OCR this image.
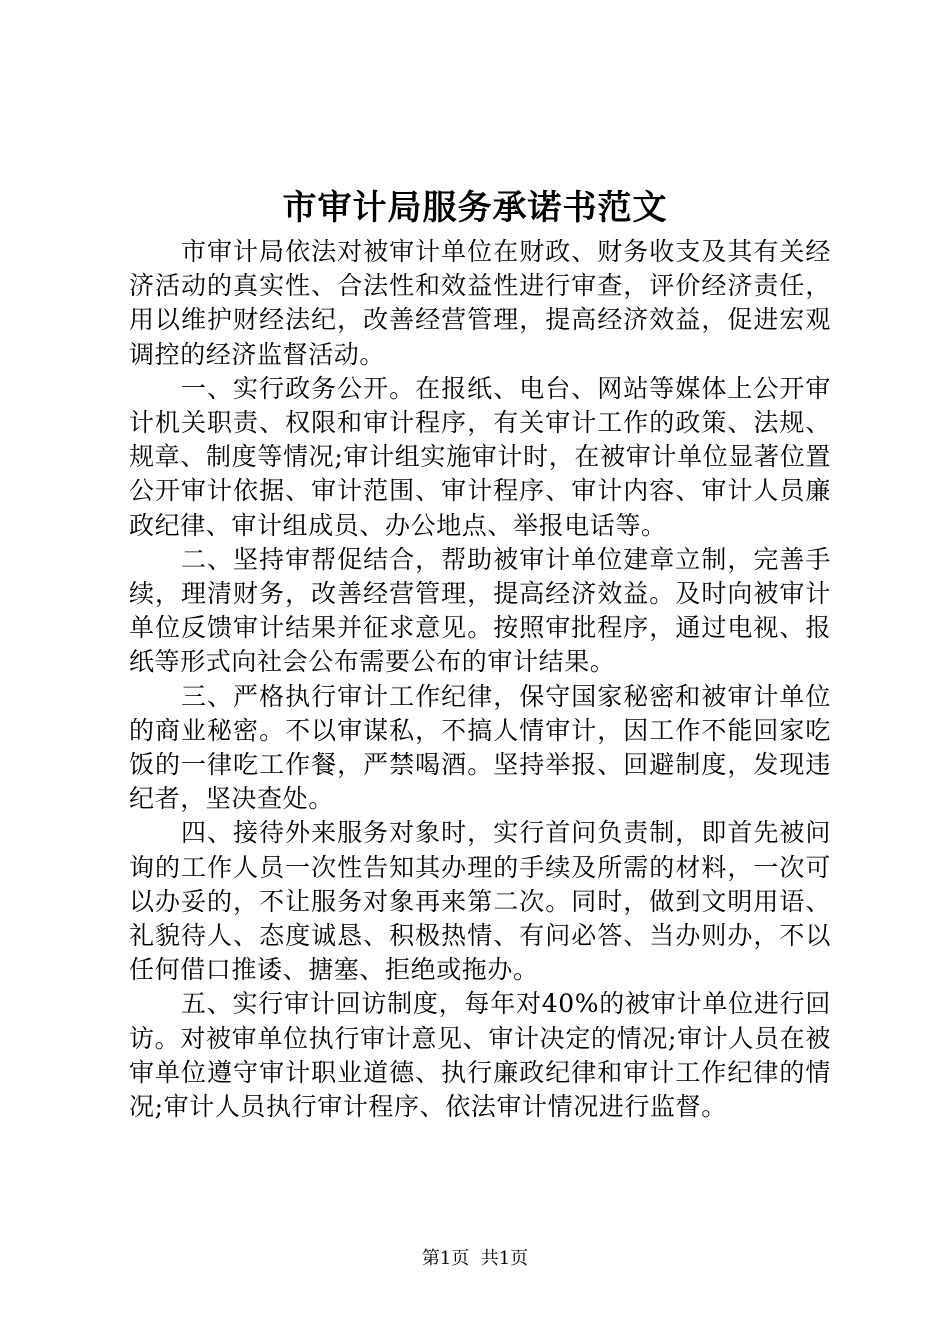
市审计局服务承诺书范文

市审计局依法对被审计单位在财政、财务收支及其有关经济活动的真实性、合法性和效益性进行审查，评价经济责任，用以维护财经法纪，改善经营管理，提高经济效益，促进宏观调控的经济监督活动。

一、实行政务公开。在报纸、电台、网站等媒体上公开审计机关职责、权限和审计程序，有关审计工作的政策、法规、规章、制度等情况;审计组实施审计时，在被审计单位显著位置公开审计依据、审计范围、审计程序、审计内容、审计人员廉政纪律、审计组成员、办公地点、举报电话等。

二、坚持审帮促结合，帮助被审计单位建章立制，完善手续，理清财务，改善经营管理，提高经济效益。及时向被审计单位反馈审计结果并征求意见。按照审批程序，通过电视、报纸等形式向社会公布需要公布的审计结果。

三、严格执行审计工作纪律，保守国家秘密和被审计单位的商业秘密。不以审谋私，不搞人情审计，因工作不能回家吃饭的一律吃工作餐，严禁喝酒。坚持举报、回避制度，发现违纪者，坚决查处。

四、接待外来服务对象时，实行首问负责制，即首先被问询的工作人员一次性告知其办理的手续及所需的材料，一次可以办妥的，不让服务对象再来第二次。同时，做到文明用语、礼貌待人、态度诚恳、积极热情、有问必答、当办则办，不以任何借口推诿、搪塞、拒绝或拖办。

五、实行审计回访制度，每年对40%的被审计单位进行回访。对被审单位执行审计意见、审计决定的情况;审计人员在被审单位遵守审计职业道德、执行廉政纪律和审计工作纪律的情况;审计人员执行审计程序、依法审计情况进行监督。

第1页 共1页
